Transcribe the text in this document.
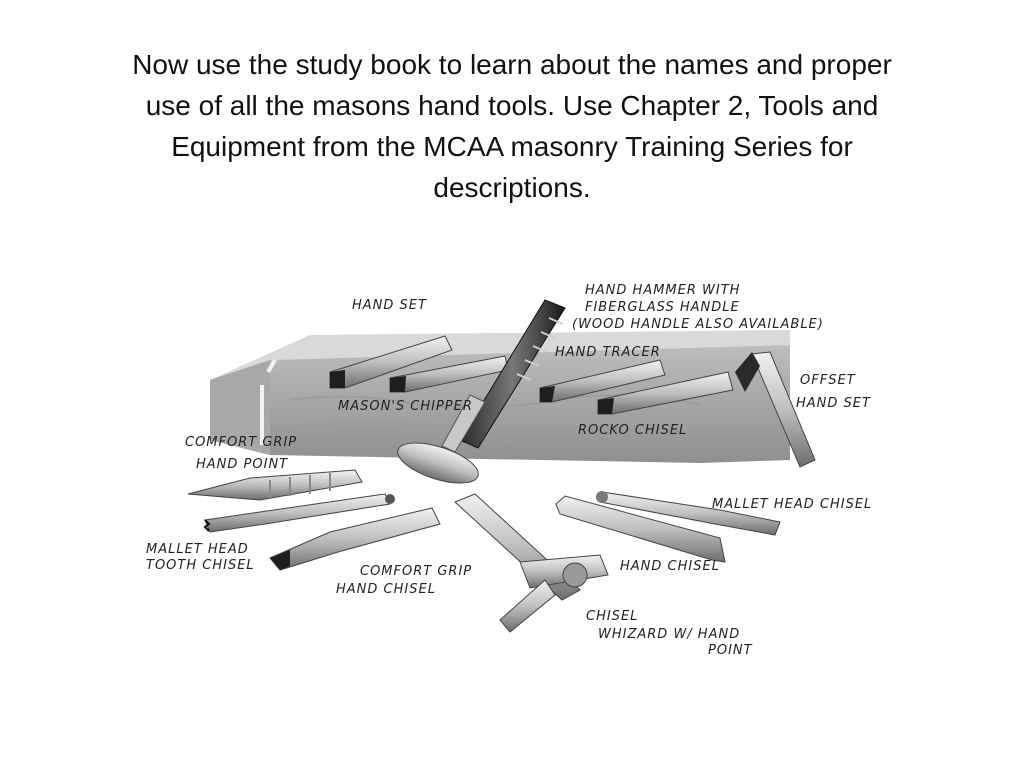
Now use the study book to learn about the names and proper
use of all the masons hand tools. Use Chapter 2, Tools and
Equipment from the MCAA masonry Training Series for
descriptions.
HAND SET
HAND HAMMER WITH
FIBERGLASS HANDLE
(WOOD HANDLE ALSO AVAILABLE)
HAND TRACER
OFFSET
HAND SET
MASON'S CHIPPER
ROCKO CHISEL
COMFORT GRIP
HAND POINT
MALLET HEAD CHISEL
MALLET HEAD
TOOTH CHISEL	HAND CHISEL
COMFORT GRIP
HAND CHISEL
CHISEL
WHIZARD W/ HAND
POINT
